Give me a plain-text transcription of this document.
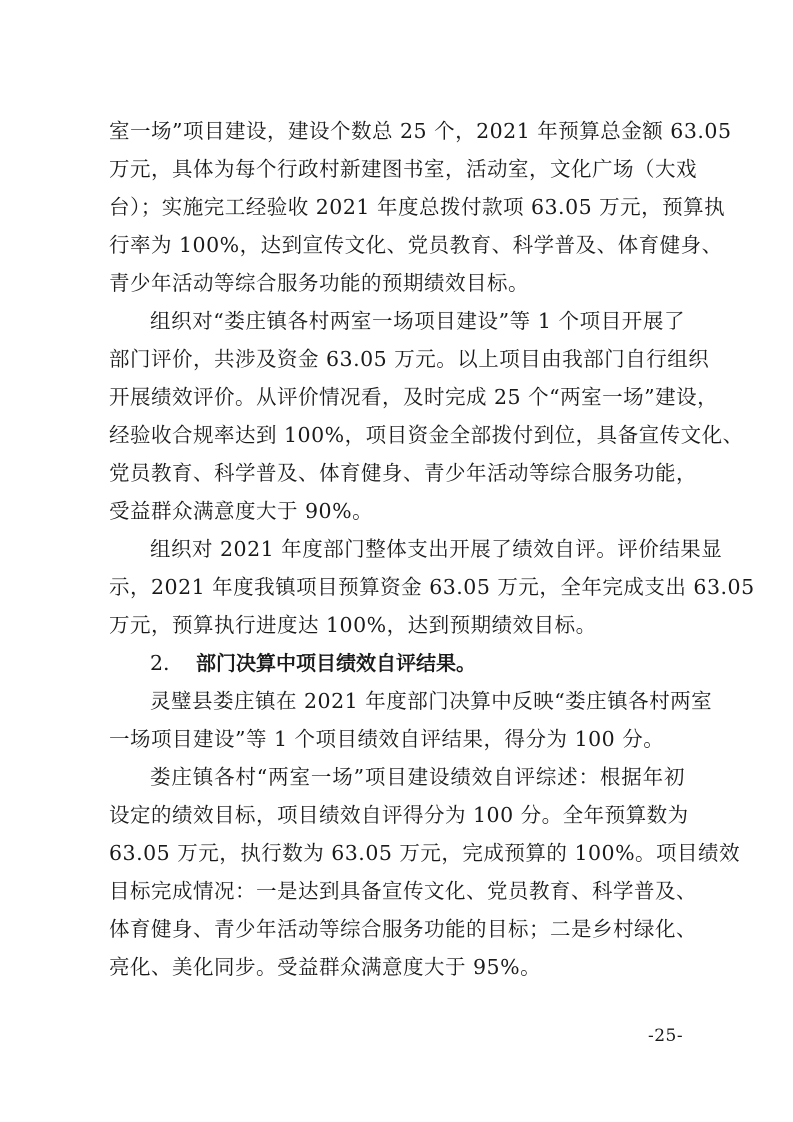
室一场”项目建设，建设个数总 25 个，2021 年预算总金额 63.05
万元，具体为每个行政村新建图书室，活动室，文化广场（大戏
台）；实施完工经验收 2021 年度总拨付款项 63.05 万元，预算执
行率为 100%，达到宣传文化、党员教育、科学普及、体育健身、
青少年活动等综合服务功能的预期绩效目标。
组织对“娄庄镇各村两室一场项目建设”等 1 个项目开展了
部门评价，共涉及资金 63.05 万元。以上项目由我部门自行组织
开展绩效评价。从评价情况看，及时完成 25 个“两室一场”建设，
经验收合规率达到 100%，项目资金全部拨付到位，具备宣传文化、
党员教育、科学普及、体育健身、青少年活动等综合服务功能，
受益群众满意度大于 90%。
组织对 2021 年度部门整体支出开展了绩效自评。评价结果显
示，2021 年度我镇项目预算资金 63.05 万元，全年完成支出 63.05
万元，预算执行进度达 100%，达到预期绩效目标。
2. 部门决算中项目绩效自评结果。
灵璧县娄庄镇在 2021 年度部门决算中反映“娄庄镇各村两室
一场项目建设”等 1 个项目绩效自评结果，得分为 100 分。
娄庄镇各村“两室一场”项目建设绩效自评综述：根据年初
设定的绩效目标，项目绩效自评得分为 100 分。全年预算数为
63.05 万元，执行数为 63.05 万元，完成预算的 100%。项目绩效
目标完成情况：一是达到具备宣传文化、党员教育、科学普及、
体育健身、青少年活动等综合服务功能的目标；二是乡村绿化、
亮化、美化同步。受益群众满意度大于 95%。
-25-
